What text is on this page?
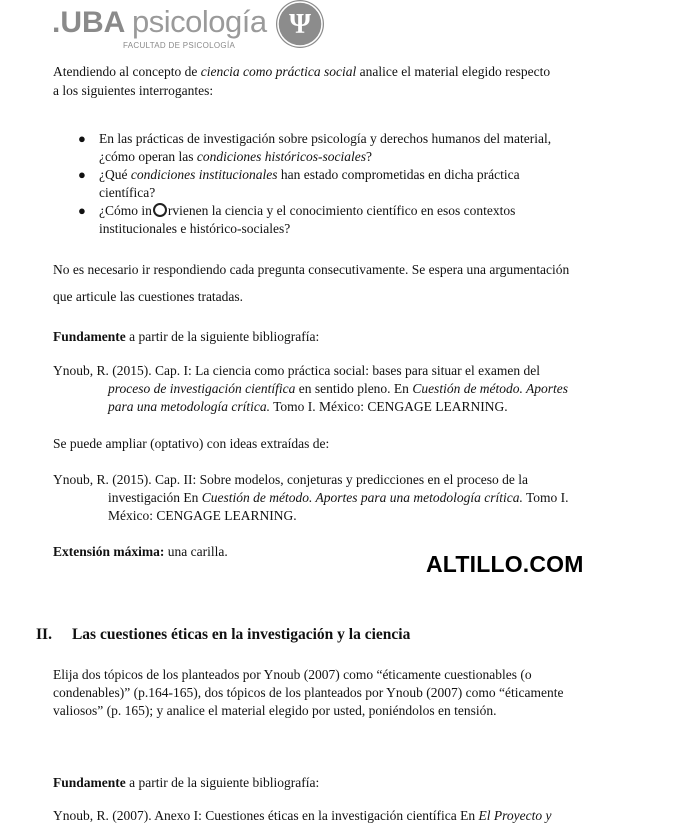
.UBA psicología
FACULTAD DE PSICOLOGÍA
Ψ
Atendiendo al concepto de ciencia como práctica social analice el material elegido respecto
a los siguientes interrogantes:
● En las prácticas de investigación sobre psicología y derechos humanos del material,
¿cómo operan las condiciones históricos-sociales?
● ¿Qué condiciones institucionales han estado comprometidas en dicha práctica
científica?
● ¿Cómo in rvienen la ciencia y el conocimiento científico en esos contextos
institucionales e histórico-sociales?
No es necesario ir respondiendo cada pregunta consecutivamente. Se espera una argumentación
que articule las cuestiones tratadas.
Fundamente a partir de la siguiente bibliografía:
Ynoub, R. (2015). Cap. I: La ciencia como práctica social: bases para situar el examen del
proceso de investigación científica en sentido pleno. En Cuestión de método. Aportes
para una metodología crítica. Tomo I. México: CENGAGE LEARNING.
Se puede ampliar (optativo) con ideas extraídas de:
Ynoub, R. (2015). Cap. II: Sobre modelos, conjeturas y predicciones en el proceso de la
investigación En Cuestión de método. Aportes para una metodología crítica. Tomo I.
México: CENGAGE LEARNING.
Extensión máxima: una carilla.	ALTILLO.COM
II. Las cuestiones éticas en la investigación y la ciencia
Elija dos tópicos de los planteados por Ynoub (2007) como “éticamente cuestionables (o
condenables)” (p.164-165), dos tópicos de los planteados por Ynoub (2007) como “éticamente
valiosos” (p. 165); y analice el material elegido por usted, poniéndolos en tensión.
Fundamente a partir de la siguiente bibliografía:
Ynoub, R. (2007). Anexo I: Cuestiones éticas en la investigación científica En El Proyecto y
